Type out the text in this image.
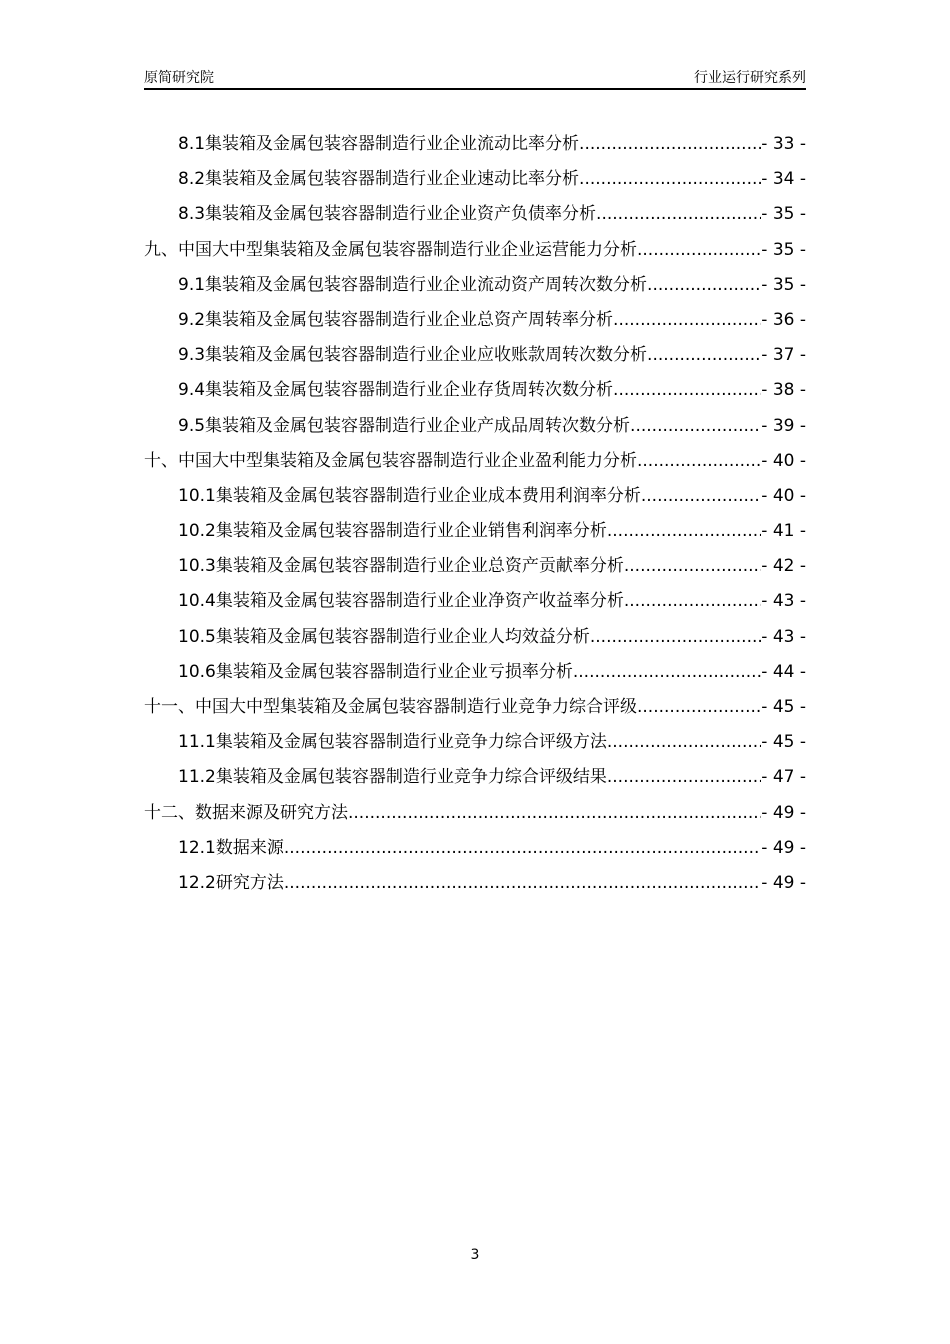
原简研究院	行业运行研究系列
8.1 集装箱及金属包装容器制造行业企业流动比率分析 .....	- 33 -
8.2 集装箱及金属包装容器制造行业企业速动比率分析 .....	- 34 -
8.3 集装箱及金属包装容器制造行业企业资产负债率分析 .....	- 35 -
九、中国大中型集装箱及金属包装容器制造行业企业运营能力分析 .....	- 35 -
9.1 集装箱及金属包装容器制造行业企业流动资产周转次数分析 .....	- 35 -
9.2 集装箱及金属包装容器制造行业企业总资产周转率分析 .....	- 36 -
9.3 集装箱及金属包装容器制造行业企业应收账款周转次数分析 .....	- 37 -
9.4 集装箱及金属包装容器制造行业企业存货周转次数分析 .....	- 38 -
9.5 集装箱及金属包装容器制造行业企业产成品周转次数分析 .....	- 39 -
十、中国大中型集装箱及金属包装容器制造行业企业盈利能力分析 .....	- 40 -
10.1 集装箱及金属包装容器制造行业企业成本费用利润率分析 .....	- 40 -
10.2 集装箱及金属包装容器制造行业企业销售利润率分析 .....	- 41 -
10.3 集装箱及金属包装容器制造行业企业总资产贡献率分析 .....	- 42 -
10.4 集装箱及金属包装容器制造行业企业净资产收益率分析 .....	- 43 -
10.5 集装箱及金属包装容器制造行业企业人均效益分析 .....	- 43 -
10.6 集装箱及金属包装容器制造行业企业亏损率分析 .....	- 44 -
十一、中国大中型集装箱及金属包装容器制造行业竞争力综合评级 .....	- 45 -
11.1 集装箱及金属包装容器制造行业竞争力综合评级方法 .....	- 45 -
11.2 集装箱及金属包装容器制造行业竞争力综合评级结果 .....	- 47 -
十二、数据来源及研究方法 .....	- 49 -
12.1 数据来源 .....	- 49 -
12.2 研究方法 .....	- 49 -
3
